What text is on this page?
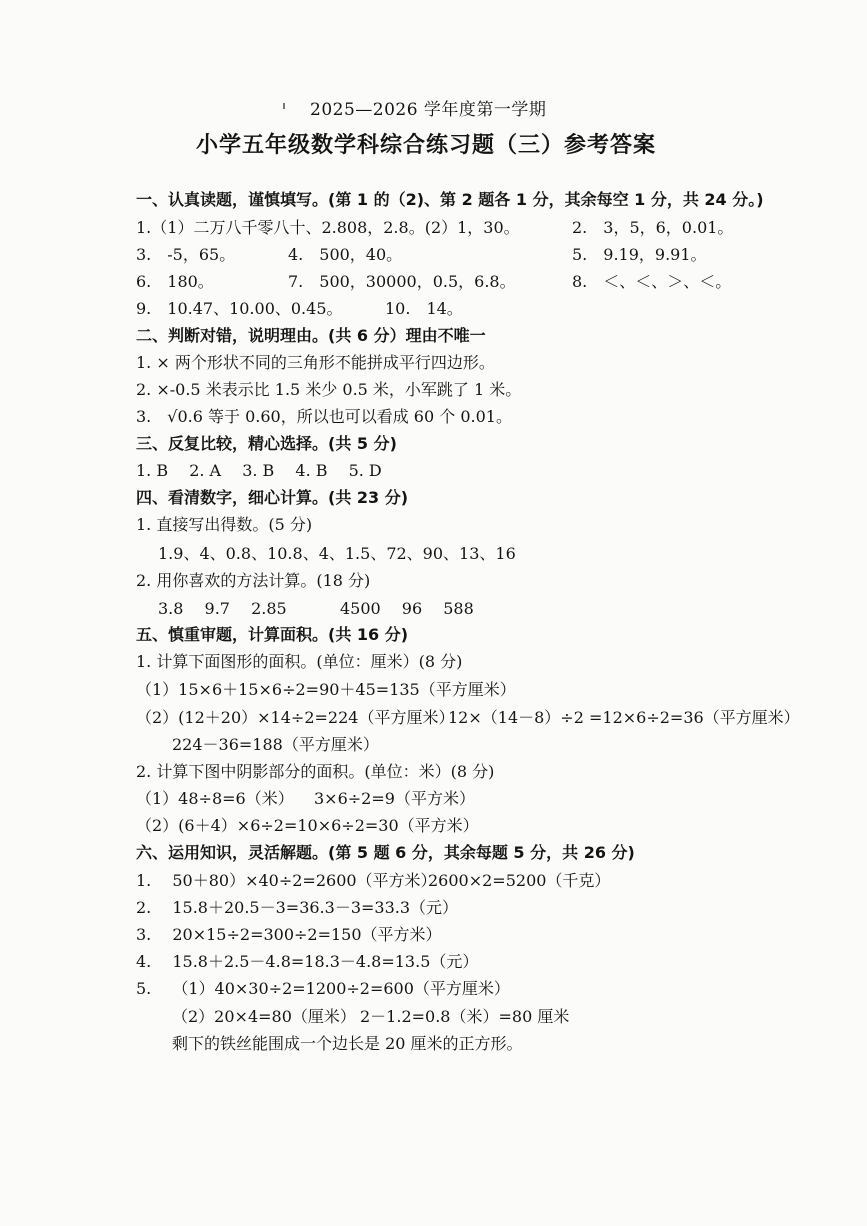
2025—2026 学年度第一学期
小学五年级数学科综合练习题（三）参考答案
一、认真读题，谨慎填写。(第 1 的（2)、第 2 题各 1 分，其余每空 1 分，共 24 分。)
1.（1）二万八千零八十、2.808，2.8。(2）1，30。	2.　3，5，6，0.01。
3.　-5，65。	4.　500，40。	5.　9.19，9.91。
6.　180。	7.　500，30000，0.5，6.8。	8.　＜、＜、＞、＜。
9.　10.47、10.00、0.45。	10.　14。
二、判断对错，说明理由。(共 6 分）理由不唯一
1. × 两个形状不同的三角形不能拼成平行四边形。
2. ×-0.5 米表示比 1.5 米少 0.5 米，小军跳了 1 米。
3.　√0.6 等于 0.60，所以也可以看成 60 个 0.01。
三、反复比较，精心选择。(共 5 分)
1. B　 2. A　 3. B　 4. B　 5. D
四、看清数字，细心计算。(共 23 分)
1. 直接写出得数。(5 分)
1.9、4、0.8、10.8、4、1.5、72、90、13、16
2. 用你喜欢的方法计算。(18 分)
3.8　 9.7　 2.85	4500　 96　 588
五、慎重审题，计算面积。(共 16 分)
1. 计算下面图形的面积。(单位：厘米）(8 分)
（1）15×6＋15×6÷2=90＋45=135（平方厘米）
（2）(12＋20）×14÷2=224（平方厘米）
12×（14－8）÷2 =12×6÷2=36（平方厘米）
224－36=188（平方厘米）
2. 计算下图中阴影部分的面积。(单位：米）(8 分)
（1）48÷8=6（米） 3×6÷2=9（平方米）
（2）(6＋4）×6÷2=10×6÷2=30（平方米）
六、运用知识，灵活解题。(第 5 题 6 分，其余每题 5 分，共 26 分)
1.　 50＋80）×40÷2=2600（平方米）
2600×2=5200（千克）
2.　 15.8＋20.5－3=36.3－3=33.3（元）
3.　 20×15÷2=300÷2=150（平方米）
4.　 15.8＋2.5－4.8=18.3－4.8=13.5（元）
5.　 （1）40×30÷2=1200÷2=600（平方厘米）
（2）20×4=80（厘米） 2－1.2=0.8（米）=80 厘米
剩下的铁丝能围成一个边长是 20 厘米的正方形。
